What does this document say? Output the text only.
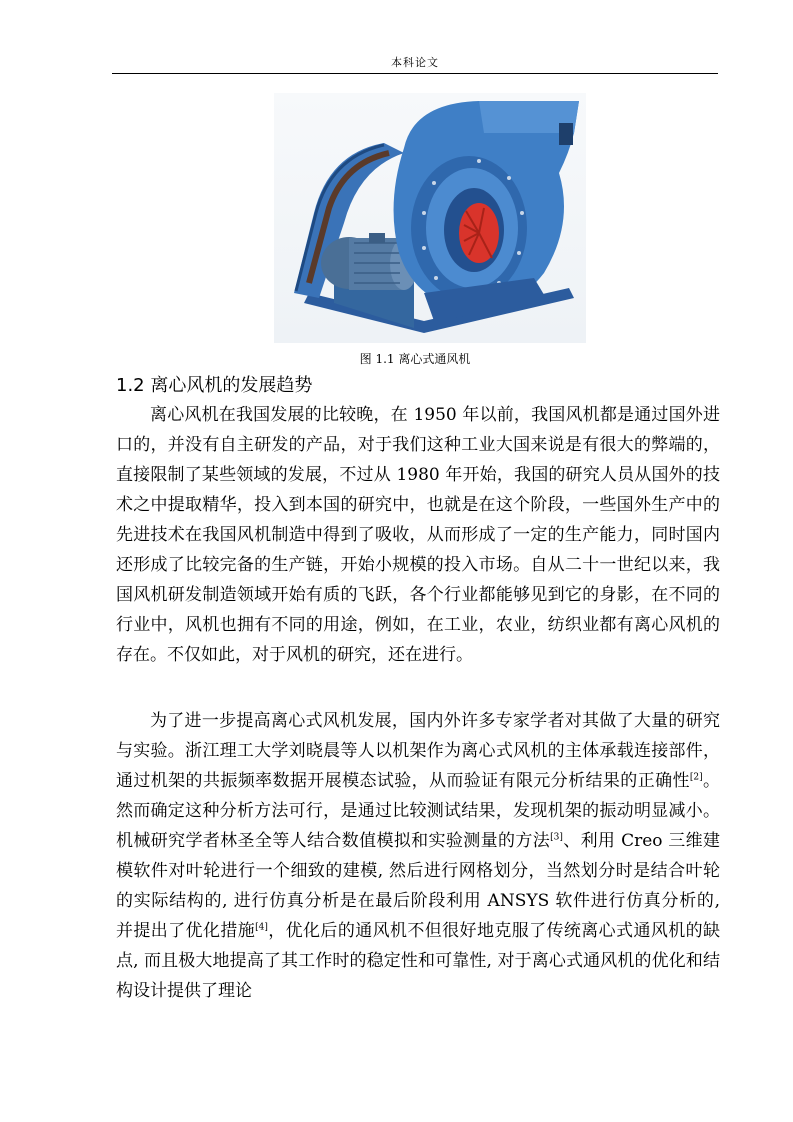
本科论文
图 1.1 离心式通风机
1.2 离心风机的发展趋势

离心风机在我国发展的比较晚，在 1950 年以前，我国风机都是通过国外进口的，并没有自主研发的产品，对于我们这种工业大国来说是有很大的弊端的，直接限制了某些领域的发展，不过从 1980 年开始，我国的研究人员从国外的技术之中提取精华，投入到本国的研究中，也就是在这个阶段，一些国外生产中的先进技术在我国风机制造中得到了吸收，从而形成了一定的生产能力，同时国内还形成了比较完备的生产链，开始小规模的投入市场。自从二十一世纪以来，我国风机研发制造领域开始有质的飞跃，各个行业都能够见到它的身影，在不同的行业中，风机也拥有不同的用途，例如，在工业，农业，纺织业都有离心风机的存在。不仅如此，对于风机的研究，还在进行。

为了进一步提高离心式风机发展，国内外许多专家学者对其做了大量的研究与实验。浙江理工大学刘晓晨等人以机架作为离心式风机的主体承载连接部件，通过机架的共振频率数据开展模态试验，从而验证有限元分析结果的正确性[2]。然而确定这种分析方法可行，是通过比较测试结果，发现机架的振动明显减小。机械研究学者林圣全等人结合数值模拟和实验测量的方法[3]、利用 Creo 三维建模软件对叶轮进行一个细致的建模, 然后进行网格划分，当然划分时是结合叶轮的实际结构的, 进行仿真分析是在最后阶段利用 ANSYS 软件进行仿真分析的, 并提出了优化措施[4]，优化后的通风机不但很好地克服了传统离心式通风机的缺点, 而且极大地提高了其工作时的稳定性和可靠性, 对于离心式通风机的优化和结构设计提供了理论
